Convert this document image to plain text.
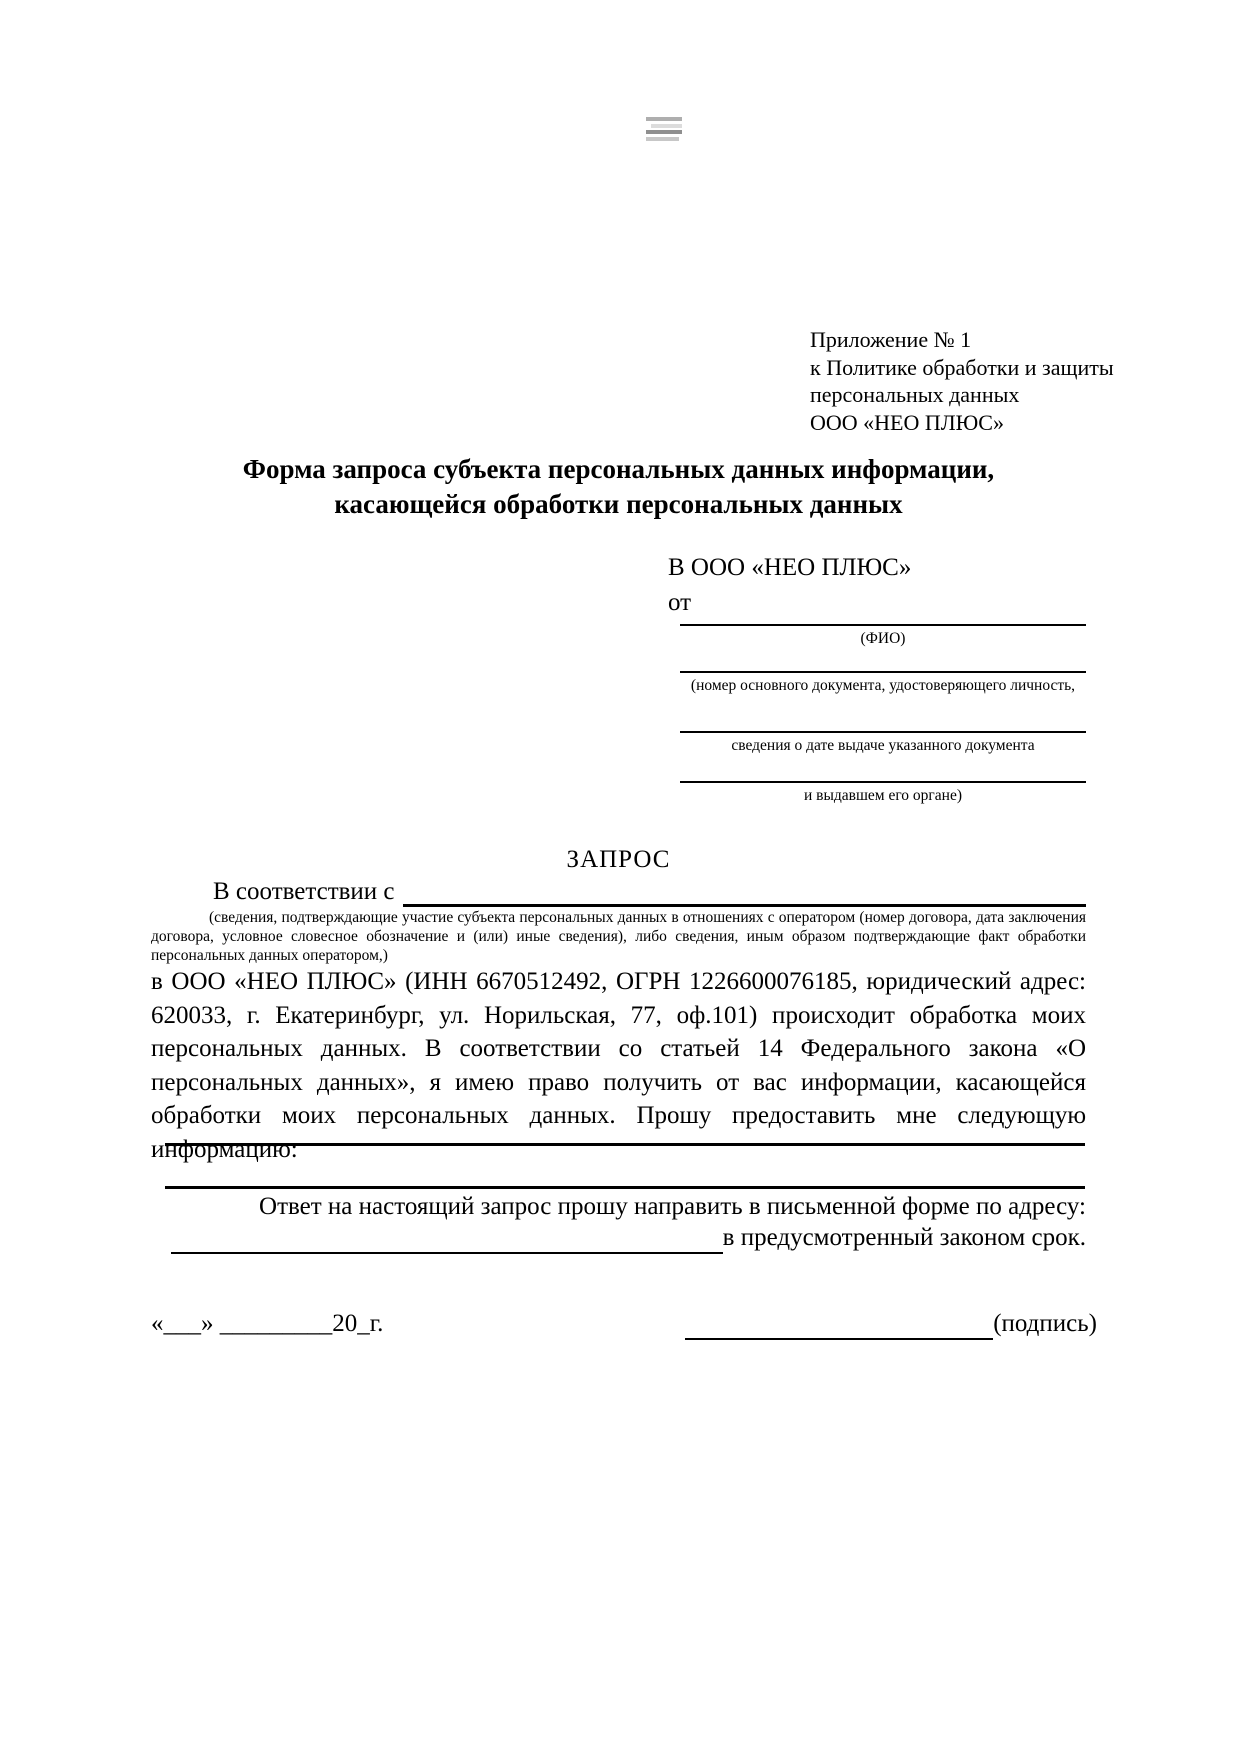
Приложение № 1
к Политике обработки и защиты
персональных данных
ООО «НЕО ПЛЮС»
Форма запроса субъекта персональных данных информации,
касающейся обработки персональных данных
В ООО «НЕО ПЛЮС»
от
(ФИО)
(номер основного документа, удостоверяющего личность,
сведения о дате выдаче указанного документа
и выдавшем его органе)
ЗАПРОС
В соответствии с
(сведения, подтверждающие участие субъекта персональных данных в отношениях с оператором (номер договора, дата заключения договора, условное словесное обозначение и (или) иные сведения), либо сведения, иным образом подтверждающие факт обработки персональных данных оператором,)
в ООО «НЕО ПЛЮС» (ИНН 6670512492, ОГРН 1226600076185, юридический адрес: 620033, г. Екатеринбург, ул. Норильская, 77, оф.101) происходит обработка моих персональных данных. В соответствии со статьей 14 Федерального закона «О персональных данных», я имею право получить от вас информации, касающейся обработки моих персональных данных. Прошу предоставить мне следующую информацию:
Ответ на настоящий запрос прошу направить в письменной форме по адресу:
в предусмотренный законом срок.
«___» _________20_г.	(подпись)
